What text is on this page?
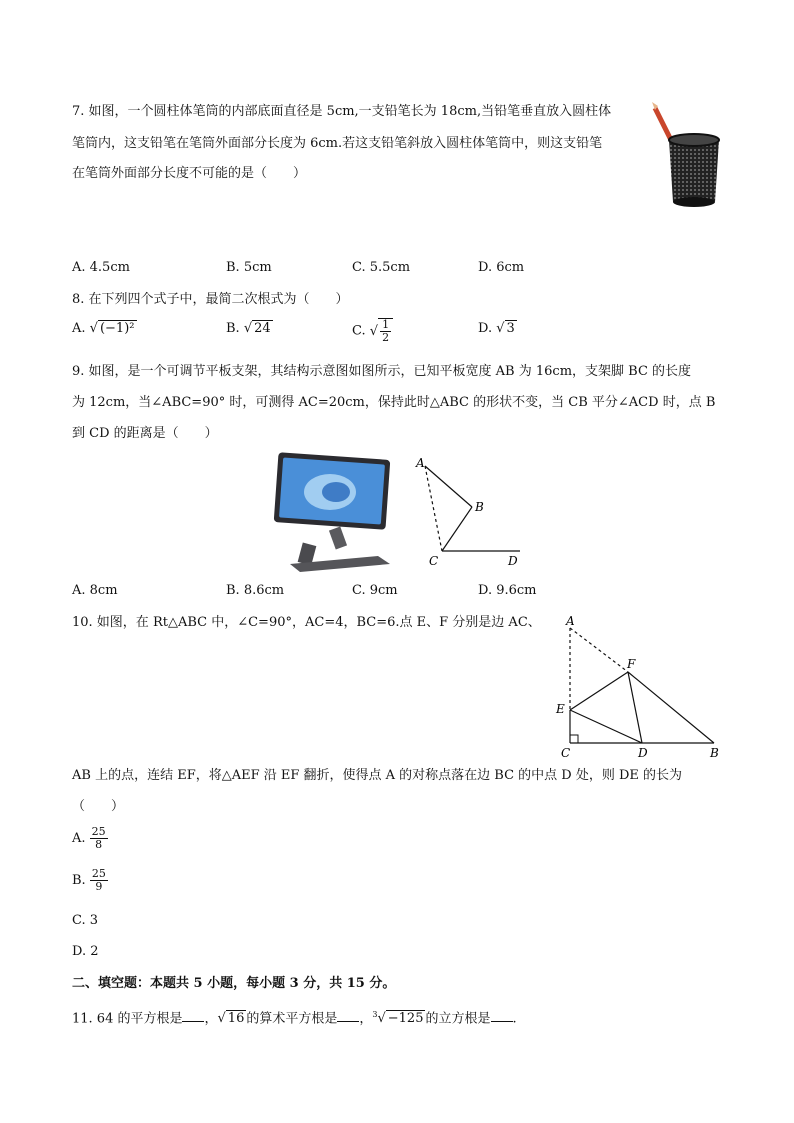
7. 如图，一个圆柱体笔筒的内部底面直径是 5cm,一支铅笔长为 18cm,当铅笔垂直放入圆柱体
笔筒内，这支铅笔在笔筒外面部分长度为 6cm.若这支铅笔斜放入圆柱体笔筒中，则这支铅笔
在笔筒外面部分长度不可能的是（　　）
A. 4.5cm	B. 5cm	C. 5.5cm	D. 6cm
8. 在下列四个式子中，最简二次根式为（　　）
A. √ (−1)²	B. √ 24	C. √ $\frac{1}{2}$	D. √ 3
9. 如图，是一个可调节平板支架，其结构示意图如图所示，已知平板宽度 AB 为 16cm，支架脚 BC 的长度
为 12cm，当∠ABC=90° 时，可测得 AC=20cm，保持此时△ABC 的形状不变，当 CB 平分∠ACD 时，点 B
到 CD 的距离是（　　）
A
B
C	D
A. 8cm	B. 8.6cm	C. 9cm	D. 9.6cm
10. 如图，在 Rt△ABC 中，∠C=90°，AC=4，BC=6.点 E、F 分别是边 AC、 A
F
E
C	D	B
AB 上的点，连结 EF，将△AEF 沿 EF 翻折，使得点 A 的对称点落在边 BC 的中点 D 处，则 DE 的长为
（　　）
A. $\frac{25}{8}$
B. $\frac{25}{9}$
C. 3
D. 2
二、填空题：本题共 5 小题，每小题 3 分，共 15 分。
11. 64 的平方根是 ，√ 16 的算术平方根是 ，$^3$√ −125 的立方根是 .
